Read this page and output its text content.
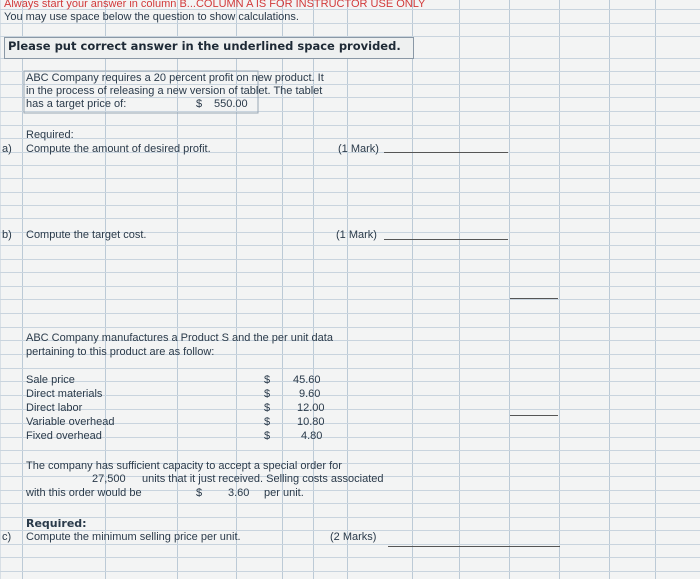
Always start your answer in column B...COLUMN A IS FOR INSTRUCTOR USE ONLY
You may use space below the question to show calculations.
Please put correct answer in the underlined space provided.
ABC Company requires a 20 percent profit on new product. It
in the process of releasing a new version of tablet. The tablet
has a target price of:	$ 550.00
Required:
a) Compute the amount of desired profit.	(1 Mark)
b) Compute the target cost.	(1 Mark)
ABC Company manufactures a Product S and the per unit data
pertaining to this product are as follow:
Sale price	$ 45.60
Direct materials	$	9.60
Direct labor	$ 12.00
Variable overhead	$ 10.80
Fixed overhead	$	4.80
The company has sufficient capacity to accept a special order for
27,500 units that it just received. Selling costs associated
with this order would be	$ 3.60 per unit.
Required:
c) Compute the minimum selling price per unit.	(2 Marks)
